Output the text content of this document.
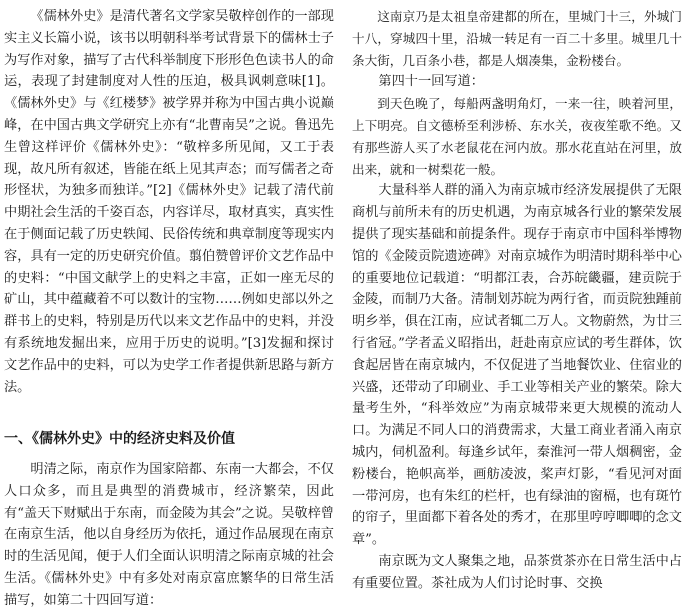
《儒林外史》是清代著名文学家吴敬梓创作的一部现实主义长篇小说，该书以明朝科举考试背景下的儒林士子为写作对象，描写了古代科举制度下形形色色读书人的命运，表现了封建制度对人性的压迫，极具讽刺意味[1]。《儒林外史》与《红楼梦》被学界并称为中国古典小说巅峰，在中国古典文学研究上亦有“北曹南吴”之说。鲁迅先生曾这样评价《儒林外史》：“敬梓多所见闻，又工于表现，故凡所有叙述，皆能在纸上见其声态；而写儒者之奇形怪状，为独多而独详。”[2]《儒林外史》记载了清代前中期社会生活的千姿百态，内容详尽，取材真实，真实性在于侧面记载了历史轶闻、民俗传统和典章制度等现实内容，具有一定的历史研究价值。翦伯赞曾评价文艺作品中的史料：“中国文献学上的史料之丰富，正如一座无尽的矿山，其中蕴藏着不可以数计的宝物……例如史部以外之群书上的史料，特别是历代以来文艺作品中的史料，并没有系统地发掘出来，应用于历史的说明。”[3]发掘和探讨文艺作品中的史料，可以为史学工作者提供新思路与新方法。

一、《儒林外史》中的经济史料及价值

明清之际，南京作为国家陪都、东南一大都会，不仅人口众多，而且是典型的消费城市，经济繁荣，因此有“盖天下财赋出于东南，而金陵为其会”之说。吴敬梓曾在南京生活，他以自身经历为依托，通过作品展现在南京时的生活见闻，便于人们全面认识明清之际南京城的社会生活。《儒林外史》中有多处对南京富庶繁华的日常生活描写，如第二十四回写道：

这南京乃是太祖皇帝建都的所在，里城门十三，外城门十八，穿城四十里，沿城一转足有一百二十多里。城里几十条大街，几百条小巷，都是人烟凑集，金粉楼台。

第四十一回写道：

到天色晚了，每船两盏明角灯，一来一往，映着河里，上下明亮。自文德桥至利涉桥、东水关，夜夜笙歌不绝。又有那些游人买了水老鼠花在河内放。那水花直站在河里，放出来，就和一树梨花一般。

大量科举人群的涌入为南京城市经济发展提供了无限商机与前所未有的历史机遇，为南京城各行业的繁荣发展提供了现实基础和前提条件。现存于南京市中国科举博物馆的《金陵贡院遗迹碑》对南京城作为明清时期科举中心的重要地位记载道：“明都江表，合苏皖畿疆，建贡院于金陵，而制乃大备。清制划苏皖为两行省，而贡院独踵前明乡举，俱在江南，应试者辄二万人。文物蔚然，为廿三行省冠。”学者孟义昭指出，赶赴南京应试的考生群体，饮食起居皆在南京城内，不仅促进了当地餐饮业、住宿业的兴盛，还带动了印刷业、手工业等相关产业的繁荣。除大量考生外，“科举效应”为南京城带来更大规模的流动人口。为满足不同人口的消费需求，大量工商业者涌入南京城内，伺机盈利。每逢乡试年，秦淮河一带人烟稠密，金粉楼台，艳帜高举，画舫凌波，桨声灯影，“看见河对面一带河房，也有朱红的栏杆，也有绿油的窗槅，也有斑竹的帘子，里面都下着各处的秀才，在那里哼哼唧唧的念文章”。

南京既为文人聚集之地，品茶赏茶亦在日常生活中占有重要位置。茶社成为人们讨论时事、交换
